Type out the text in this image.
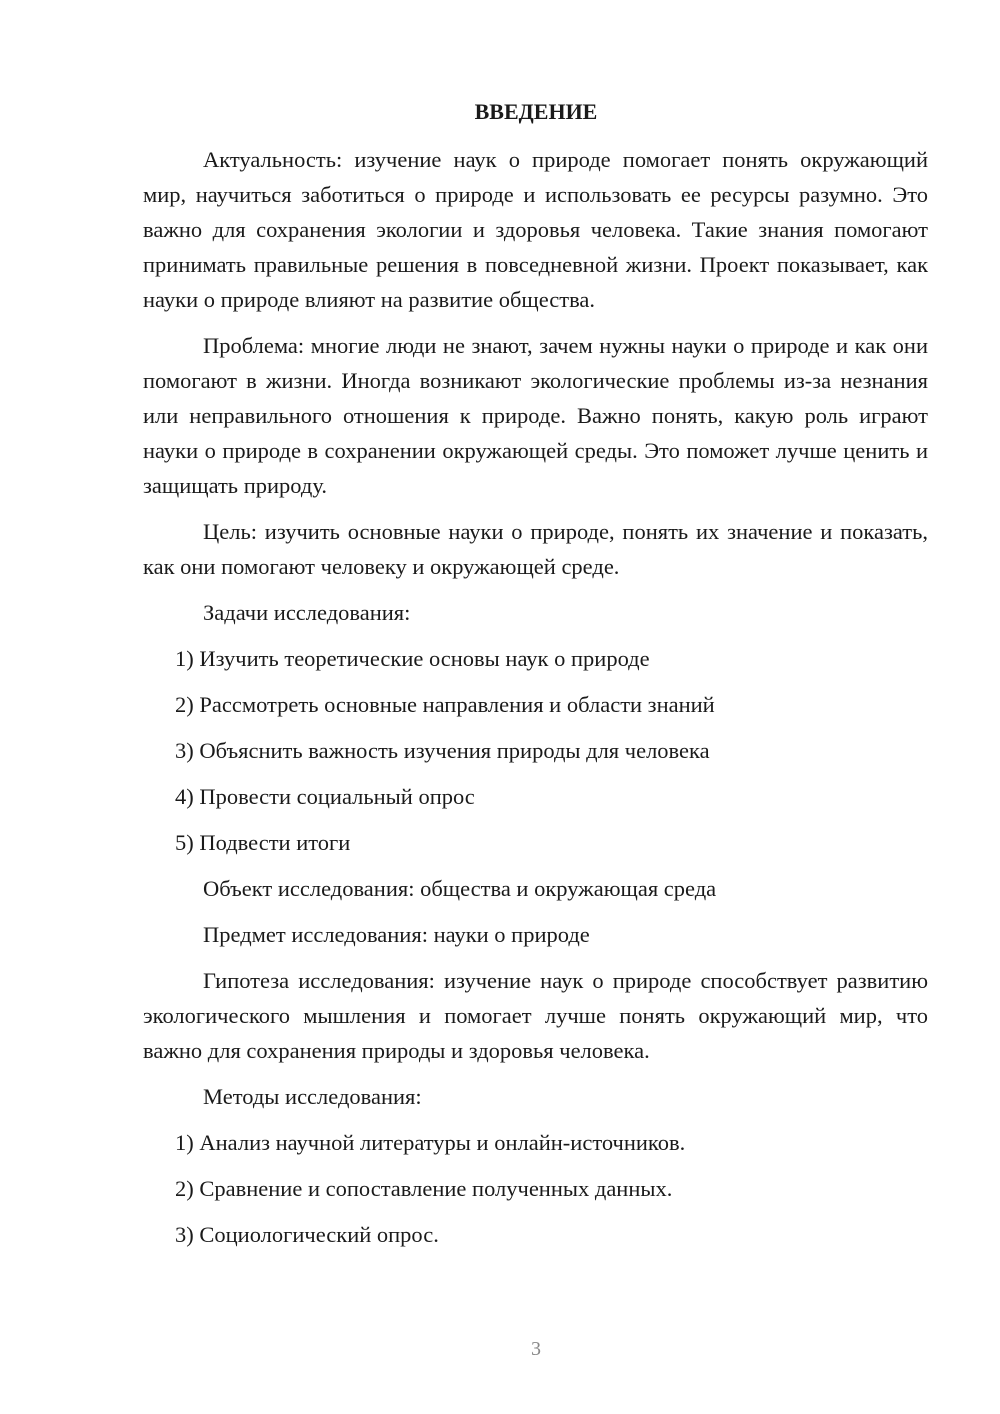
ВВЕДЕНИЕ

Актуальность: изучение наук о природе помогает понять окружающий мир, научиться заботиться о природе и использовать ее ресурсы разумно. Это важно для сохранения экологии и здоровья человека. Такие знания помогают принимать правильные решения в повседневной жизни. Проект показывает, как науки о природе влияют на развитие общества.

Проблема: многие люди не знают, зачем нужны науки о природе и как они помогают в жизни. Иногда возникают экологические проблемы из-за незнания или неправильного отношения к природе. Важно понять, какую роль играют науки о природе в сохранении окружающей среды. Это поможет лучше ценить и защищать природу.

Цель: изучить основные науки о природе, понять их значение и показать, как они помогают человеку и окружающей среде.

Задачи исследования:
1) Изучить теоретические основы наук о природе
2) Рассмотреть основные направления и области знаний
3) Объяснить важность изучения природы для человека
4) Провести социальный опрос
5) Подвести итоги
Объект исследования: общества и окружающая среда
Предмет исследования: науки о природе

Гипотеза исследования: изучение наук о природе способствует развитию экологического мышления и помогает лучше понять окружающий мир, что важно для сохранения природы и здоровья человека.

Методы исследования:
1) Анализ научной литературы и онлайн-источников.
2) Сравнение и сопоставление полученных данных.
3) Социологический опрос.
3
